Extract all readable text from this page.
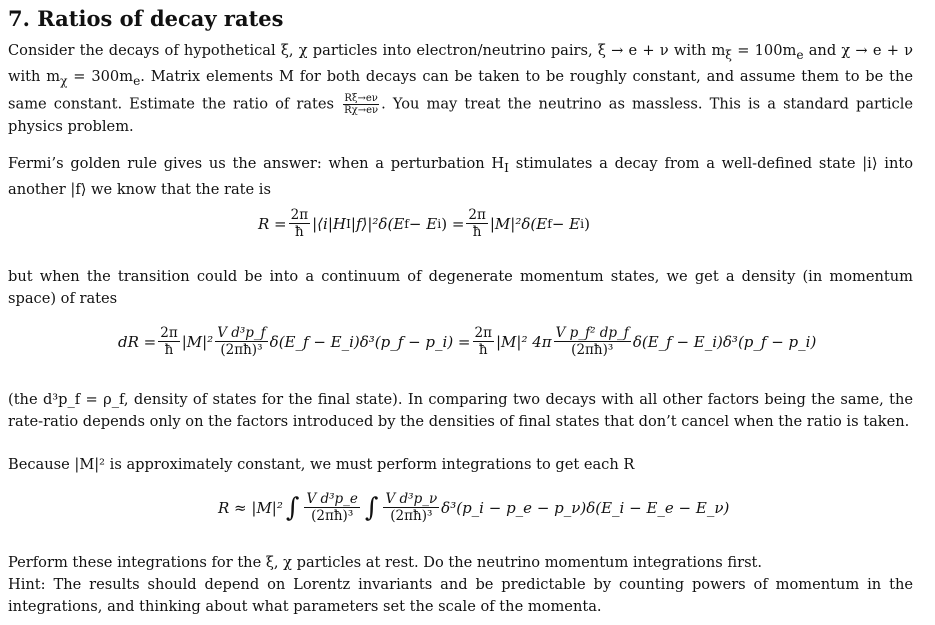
7. Ratios of decay rates

Consider the decays of hypothetical ξ, χ particles into electron/neutrino pairs, ξ → e + ν with $m_\xi = 100m_e$ and χ → e + ν with $m_\chi = 300m_e$. Matrix elements M for both decays can be taken to be roughly constant, and assume them to be the same constant. Estimate the ratio of rates $\frac{R\xi\to e\nu}{R\chi\to e\nu}$ . You may treat the neutrino as massless. This is a standard particle physics problem.

Fermi’s golden rule gives us the answer: when a perturbation $H_I$ stimulates a decay from a well-defined state |i⟩ into another |f⟩ we know that the rate is

$R = \frac{2\pi}{ħ}$ |⟨i|H I |f⟩|²δ(E f − E i ) = $\frac{2\pi}{ħ} |M|^2\delta(E$ f − E i )

but when the transition could be into a continuum of degenerate momentum states, we get a density (in momentum space) of rates

dR = $\frac{2\pi}{ħ} |M|^2 \frac{\text{V d³p\_f}}{\text{(2πħ)³}}$ δ(E_f − E_i)δ³(p_f − p_i) = $\frac{2\pi}{ħ} |M|^2$ $4\pi \frac{\text{V p\_f² dp\_f}}{\text{(2πħ)³}}$ δ(E_f − E_i)δ³(p_f − p_i)

(the d³p_f = ρ_f, density of states for the final state). In comparing two decays with all other factors being the same, the rate-ratio depends only on the factors introduced by the densities of final states that don’t cancel when the ratio is taken.

Because |M|² is approximately constant, we must perform integrations to get each R

R ≈ |M|² ∫ $\frac{\text{V d³p\_e}}{\text{(2πħ)³}}$ ∫ $\frac{\text{V d³p\_ν}}{\text{(2πħ)³}}$ δ³(p_i − p_e − p_ν)δ(E_i − E_e − E_ν)

Perform these integrations for the ξ, χ particles at rest. Do the neutrino momentum integrations first.

Hint: The results should depend on Lorentz invariants and be predictable by counting powers of momentum in the integrations, and thinking about what parameters set the scale of the momenta.
